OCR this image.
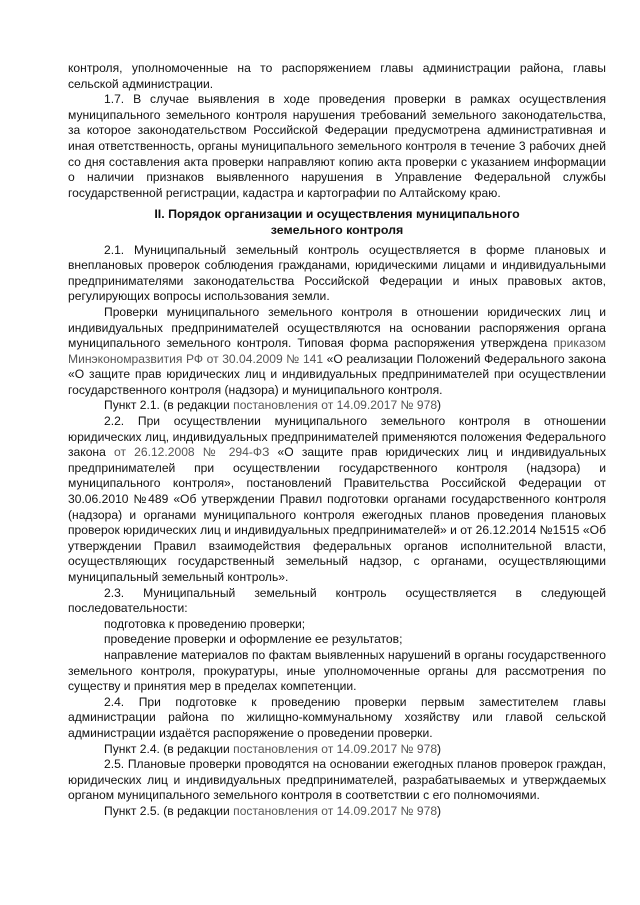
контроля, уполномоченные на то распоряжением главы администрации района, главы сельской администрации.

1.7. В случае выявления в ходе проведения проверки в рамках осуществления муниципального земельного контроля нарушения требований земельного законодательства, за которое законодательством Российской Федерации предусмотрена административная и иная ответственность, органы муниципального земельного контроля в течение 3 рабочих дней со дня составления акта проверки направляют копию акта проверки с указанием информации о наличии признаков выявленного нарушения в Управление Федеральной службы государственной регистрации, кадастра и картографии по Алтайскому краю.

II. Порядок организации и осуществления муниципального
земельного контроля

2.1. Муниципальный земельный контроль осуществляется в форме плановых и внеплановых проверок соблюдения гражданами, юридическими лицами и индивидуальными предпринимателями законодательства Российской Федерации и иных правовых актов, регулирующих вопросы использования земли.

Проверки муниципального земельного контроля в отношении юридических лиц и индивидуальных предпринимателей осуществляются на основании распоряжения органа муниципального земельного контроля. Типовая форма распоряжения утверждена приказом Минэкономразвития РФ от 30.04.2009 № 141 «О реализации Положений Федерального закона «О защите прав юридических лиц и индивидуальных предпринимателей при осуществлении государственного контроля (надзора) и муниципального контроля.

Пункт 2.1. (в редакции постановления от 14.09.2017 № 978)

2.2. При осуществлении муниципального земельного контроля в отношении юридических лиц, индивидуальных предпринимателей применяются положения Федерального закона от 26.12.2008 № 294-ФЗ «О защите прав юридических лиц и индивидуальных предпринимателей при осуществлении государственного контроля (надзора) и муниципального контроля», постановлений Правительства Российской Федерации от 30.06.2010 №489 «Об утверждении Правил подготовки органами государственного контроля (надзора) и органами муниципального контроля ежегодных планов проведения плановых проверок юридических лиц и индивидуальных предпринимателей» и от 26.12.2014 №1515 «Об утверждении Правил взаимодействия федеральных органов исполнительной власти, осуществляющих государственный земельный надзор, с органами, осуществляющими муниципальный земельный контроль».

2.3. Муниципальный земельный контроль осуществляется в следующей последовательности:

подготовка к проведению проверки;

проведение проверки и оформление ее результатов;

направление материалов по фактам выявленных нарушений в органы государственного земельного контроля, прокуратуры, иные уполномоченные органы для рассмотрения по существу и принятия мер в пределах компетенции.

2.4. При подготовке к проведению проверки первым заместителем главы администрации района по жилищно-коммунальному хозяйству или главой сельской администрации издаётся распоряжение о проведении проверки.

Пункт 2.4. (в редакции постановления от 14.09.2017 № 978)

2.5. Плановые проверки проводятся на основании ежегодных планов проверок граждан, юридических лиц и индивидуальных предпринимателей, разрабатываемых и утверждаемых органом муниципального земельного контроля в соответствии с его полномочиями.

Пункт 2.5. (в редакции постановления от 14.09.2017 № 978)
